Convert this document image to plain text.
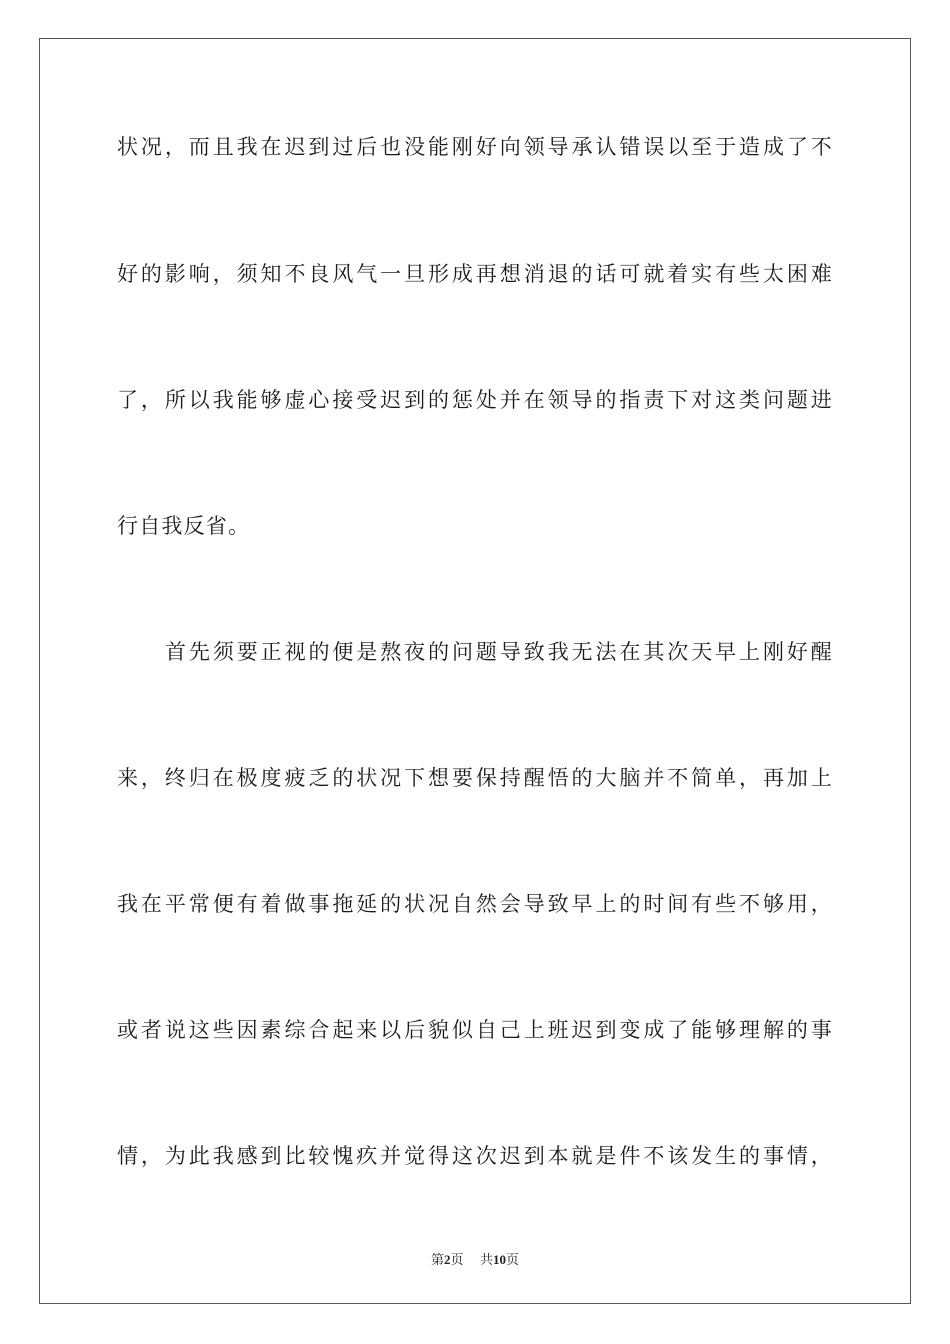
状况，而且我在迟到过后也没能刚好向领导承认错误以至于造成了不
好的影响，须知不良风气一旦形成再想消退的话可就着实有些太困难
了，所以我能够虚心接受迟到的惩处并在领导的指责下对这类问题进
行自我反省。
首先须要正视的便是熬夜的问题导致我无法在其次天早上刚好醒
来，终归在极度疲乏的状况下想要保持醒悟的大脑并不简单，再加上
我在平常便有着做事拖延的状况自然会导致早上的时间有些不够用，
或者说这些因素综合起来以后貌似自己上班迟到变成了能够理解的事
情，为此我感到比较愧疚并觉得这次迟到本就是件不该发生的事情，
第2页 共10页
